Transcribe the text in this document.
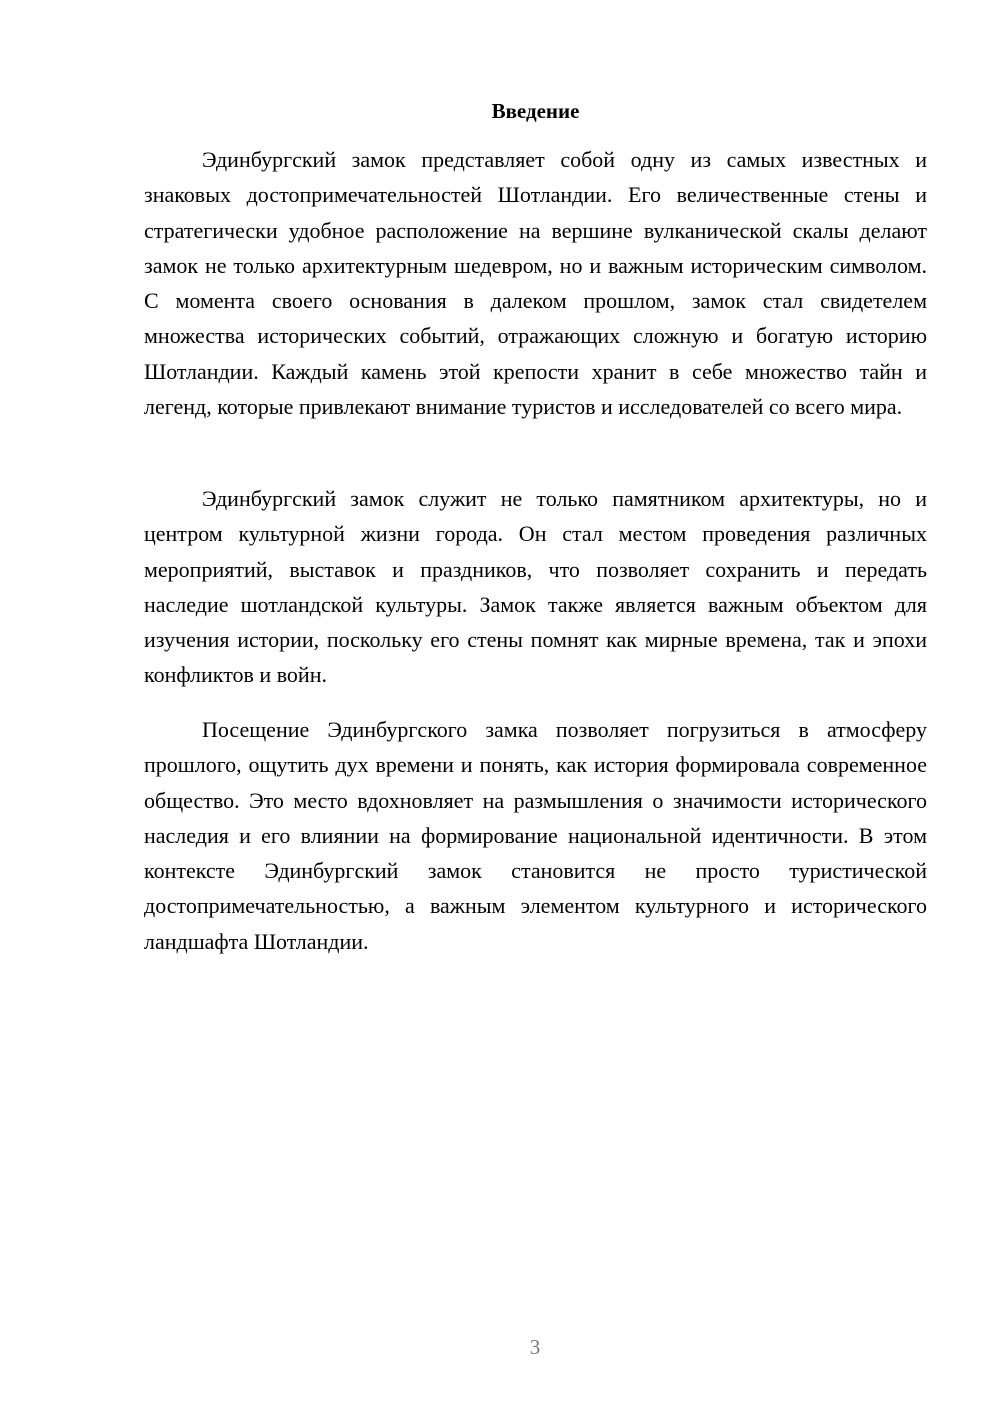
Введение

Эдинбургский замок представляет собой одну из самых известных и знаковых достопримечательностей Шотландии. Его величественные стены и стратегически удобное расположение на вершине вулканической скалы делают замок не только архитектурным шедевром, но и важным историческим символом. С момента своего основания в далеком прошлом, замок стал свидетелем множества исторических событий, отражающих сложную и богатую историю Шотландии. Каждый камень этой крепости хранит в себе множество тайн и легенд, которые привлекают внимание туристов и исследователей со всего мира.

Эдинбургский замок служит не только памятником архитектуры, но и центром культурной жизни города. Он стал местом проведения различных мероприятий, выставок и праздников, что позволяет сохранить и передать наследие шотландской культуры. Замок также является важным объектом для изучения истории, поскольку его стены помнят как мирные времена, так и эпохи конфликтов и войн.

Посещение Эдинбургского замка позволяет погрузиться в атмосферу прошлого, ощутить дух времени и понять, как история формировала современное общество. Это место вдохновляет на размышления о значимости исторического наследия и его влиянии на формирование национальной идентичности. В этом контексте Эдинбургский замок становится не просто туристической достопримечательностью, а важным элементом культурного и исторического ландшафта Шотландии.

3
